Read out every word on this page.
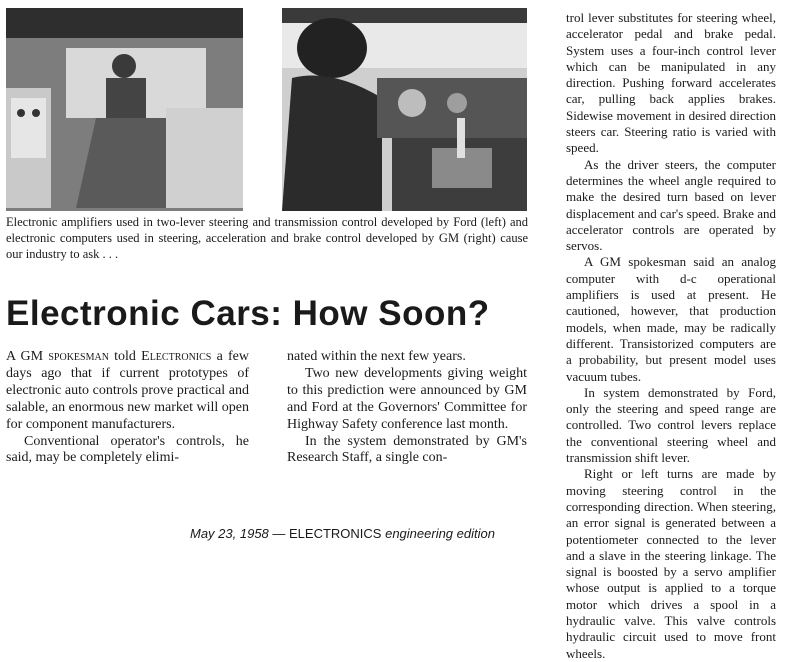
Electronic amplifiers used in two-lever steering and transmission control developed by Ford (left) and electronic computers used in steering, acceleration and brake control developed by GM (right) cause our industry to ask . . .

Electronic Cars: How Soon?

A GM spokesman told Electronics a few days ago that if current prototypes of electronic auto controls prove practical and salable, an enormous new market will open for component manufacturers.

Conventional operator's controls, he said, may be completely elimi-

nated within the next few years.

Two new developments giving weight to this prediction were announced by GM and Ford at the Governors' Committee for Highway Safety conference last month.

In the system demonstrated by GM's Research Staff, a single con-

trol lever substitutes for steering wheel, accelerator pedal and brake pedal. System uses a four-inch control lever which can be manipulated in any direction. Pushing forward accelerates car, pulling back applies brakes. Sidewise movement in desired direction steers car. Steering ratio is varied with speed.

As the driver steers, the computer determines the wheel angle required to make the desired turn based on lever displacement and car's speed. Brake and accelerator controls are operated by servos.

A GM spokesman said an analog computer with d-c operational amplifiers is used at present. He cautioned, however, that production models, when made, may be radically different. Transistorized computers are a probability, but present model uses vacuum tubes.

In system demonstrated by Ford, only the steering and speed range are controlled. Two control levers replace the conventional steering wheel and transmission shift lever.

Right or left turns are made by moving steering control in the corresponding direction. When steering, an error signal is generated between a potentiometer connected to the lever and a slave in the steering linkage. The signal is boosted by a servo amplifier whose output is applied to a torque motor which drives a spool in a hydraulic valve. This valve controls hydraulic circuit used to move front wheels.

May 23, 1958 — ELECTRONICS engineering edition
